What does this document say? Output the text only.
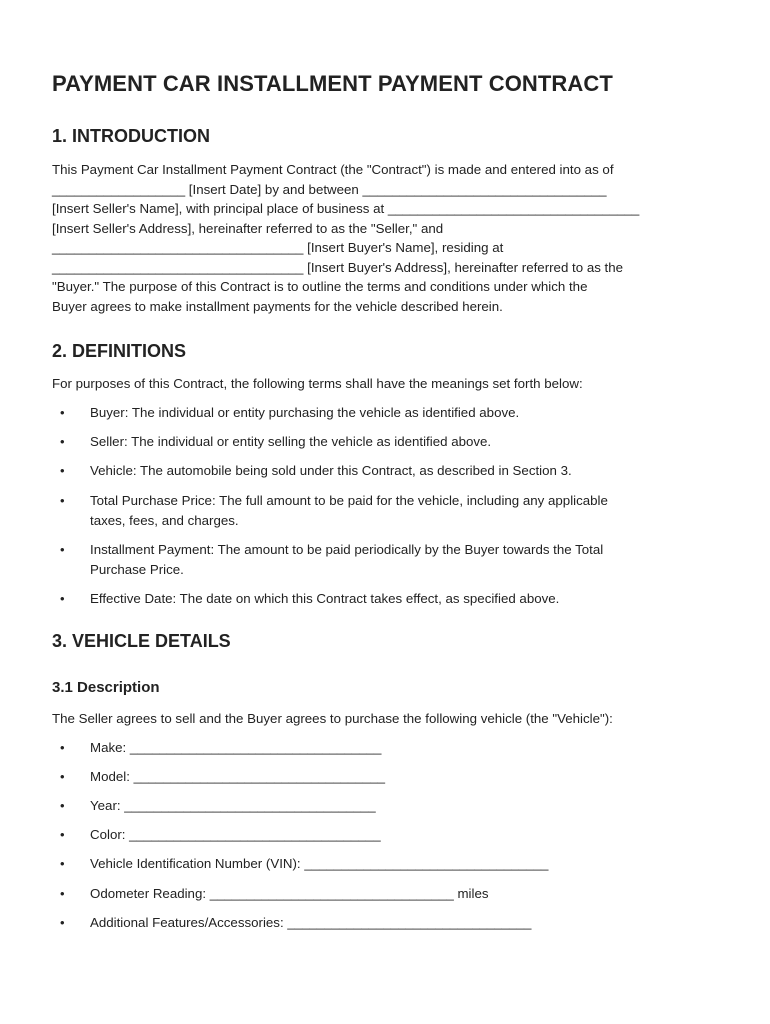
PAYMENT CAR INSTALLMENT PAYMENT CONTRACT
1. INTRODUCTION

This Payment Car Installment Payment Contract (the "Contract") is made and entered into as of
__________________ [Insert Date] by and between _________________________________
[Insert Seller's Name], with principal place of business at __________________________________
[Insert Seller's Address], hereinafter referred to as the "Seller," and
__________________________________ [Insert Buyer's Name], residing at
__________________________________ [Insert Buyer's Address], hereinafter referred to as the
"Buyer." The purpose of this Contract is to outline the terms and conditions under which the
Buyer agrees to make installment payments for the vehicle described herein.

2. DEFINITIONS

For purposes of this Contract, the following terms shall have the meanings set forth below:

• Buyer: The individual or entity purchasing the vehicle as identified above.
• Seller: The individual or entity selling the vehicle as identified above.
• Vehicle: The automobile being sold under this Contract, as described in Section 3.
• Total Purchase Price: The full amount to be paid for the vehicle, including any applicable
taxes, fees, and charges.
• Installment Payment: The amount to be paid periodically by the Buyer towards the Total
Purchase Price.
• Effective Date: The date on which this Contract takes effect, as specified above.
3. VEHICLE DETAILS
3.1 Description

The Seller agrees to sell and the Buyer agrees to purchase the following vehicle (the "Vehicle"):

• Make: __________________________________
• Model: __________________________________
• Year: __________________________________
• Color: __________________________________
• Vehicle Identification Number (VIN): _________________________________
• Odometer Reading: _________________________________ miles
• Additional Features/Accessories: _________________________________
